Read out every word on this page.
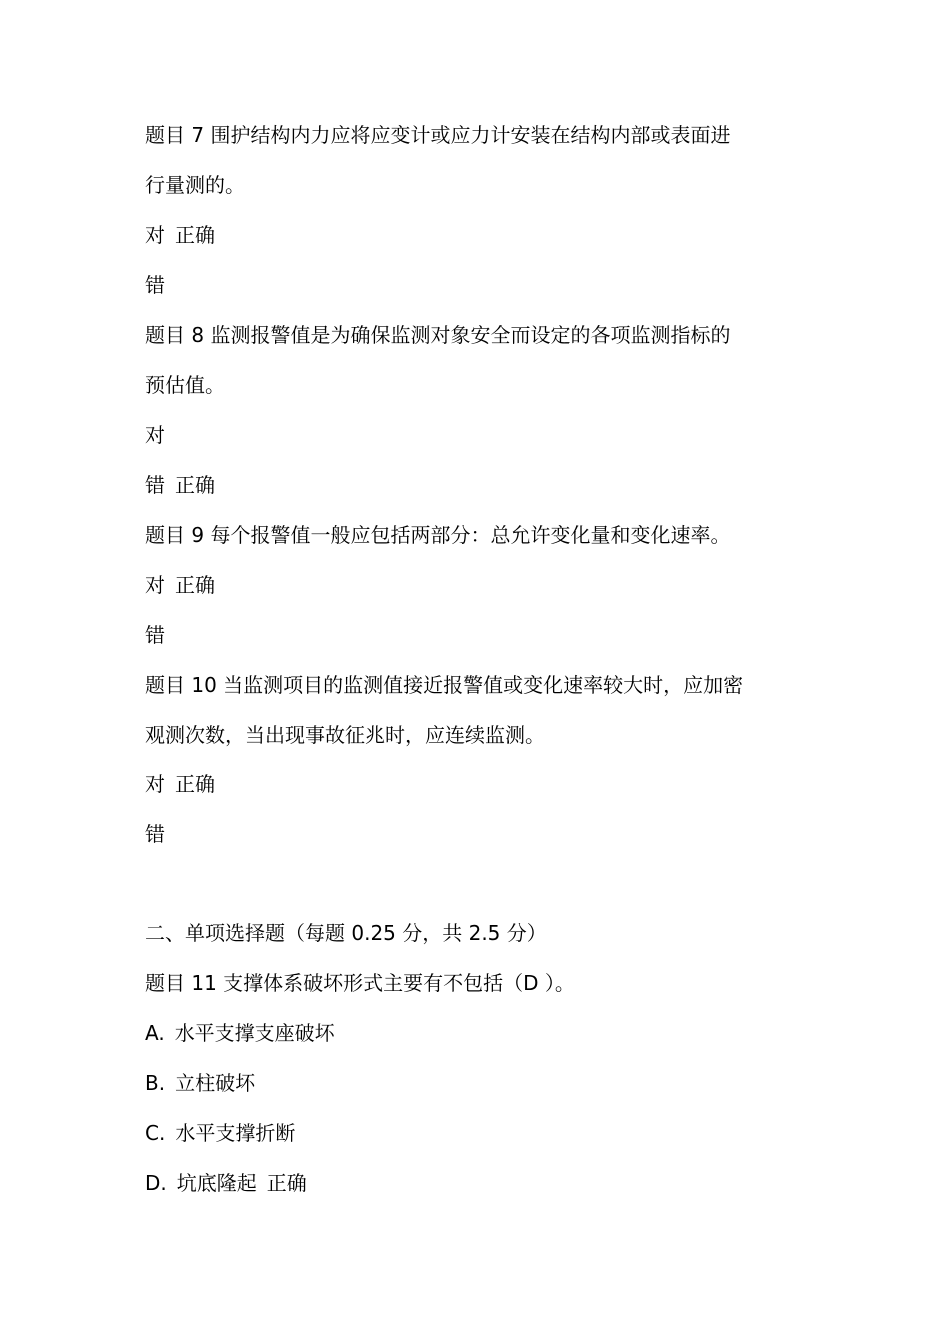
题目 7 围护结构内力应将应变计或应力计安装在结构内部或表面进
行量测的。
对 正确
错
题目 8 监测报警值是为确保监测对象安全而设定的各项监测指标的
预估值。
对
错 正确
题目 9 每个报警值一般应包括两部分：总允许变化量和变化速率。
对 正确
错
题目 10 当监测项目的监测值接近报警值或变化速率较大时，应加密
观测次数，当出现事故征兆时，应连续监测。
对 正确
错
二、单项选择题（每题 0.25 分，共 2.5 分）
题目 11 支撑体系破坏形式主要有不包括（D ）。
A. 水平支撑支座破坏
B. 立柱破坏
C. 水平支撑折断
D. 坑底隆起 正确
